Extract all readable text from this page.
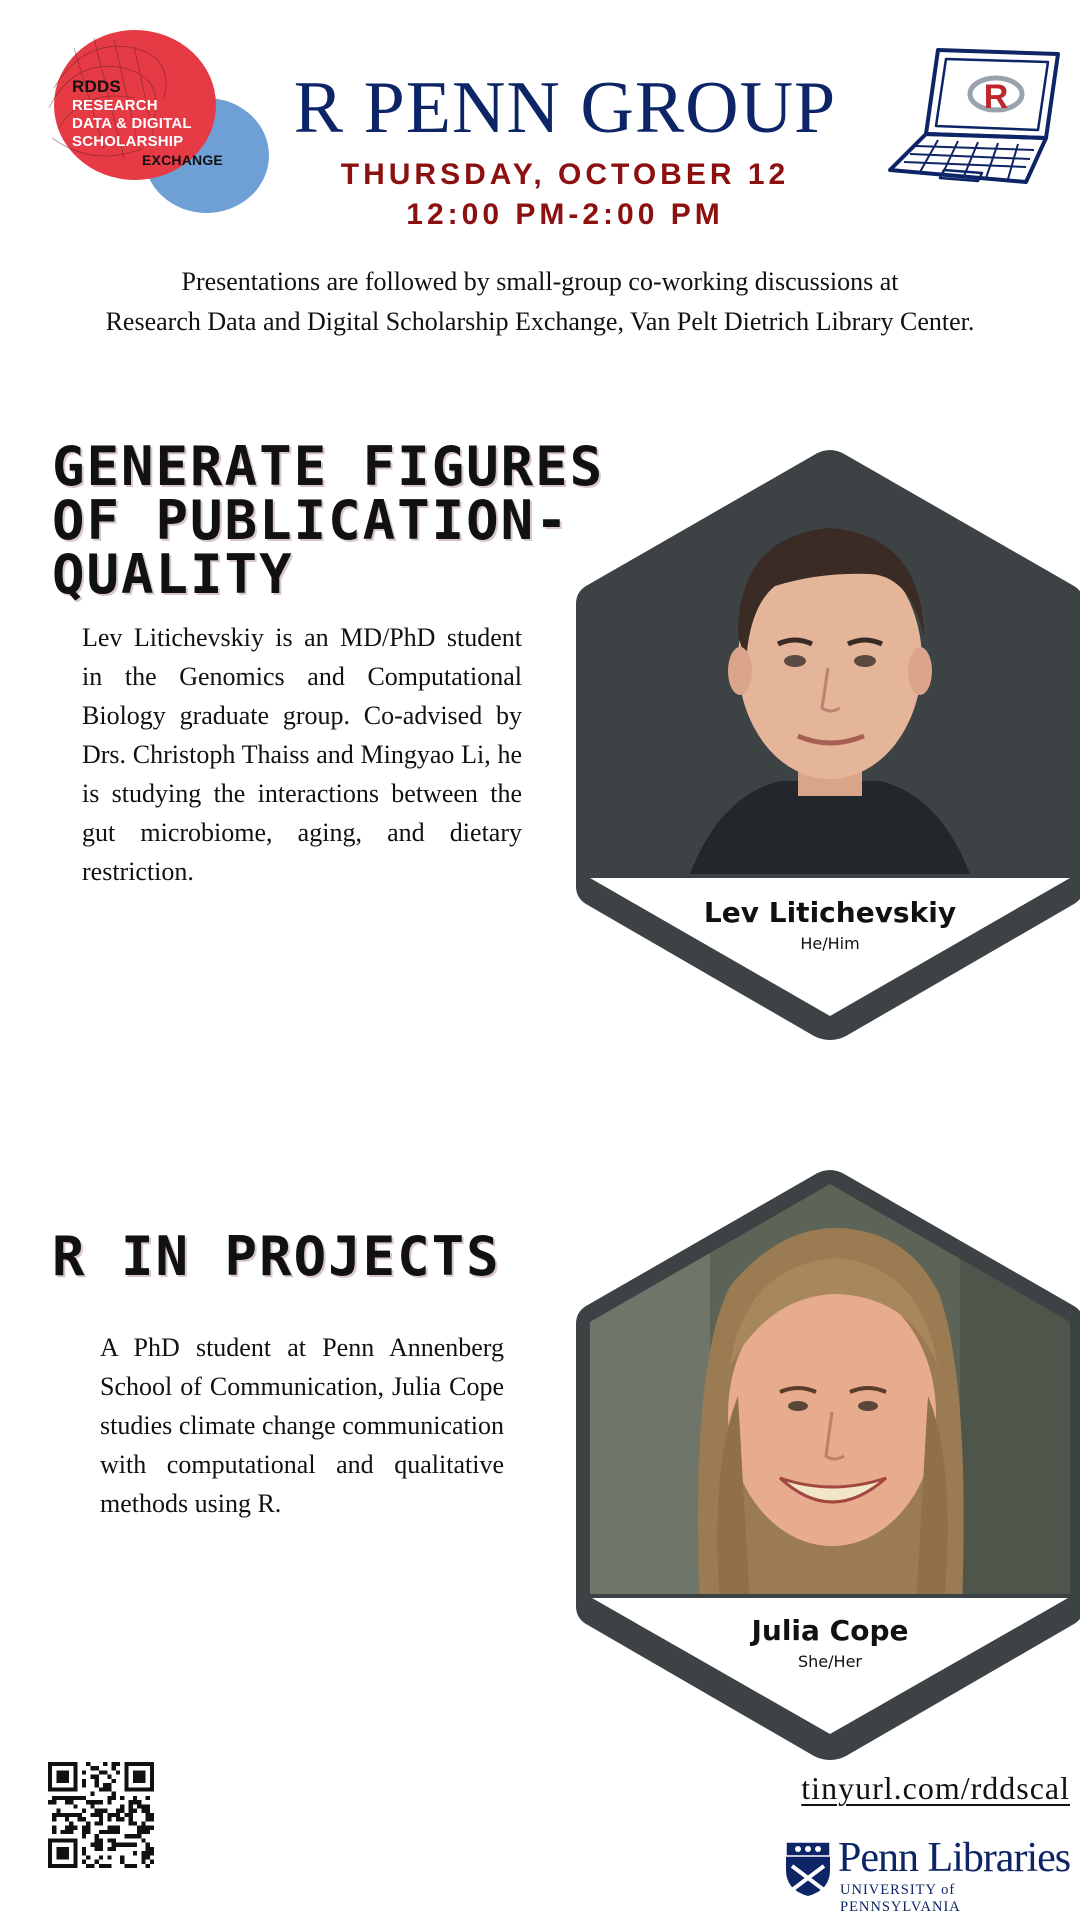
RDDS
RESEARCH
DATA & DIGITAL
SCHOLARSHIP
EXCHANGE
R PENN GROUP

THURSDAY, OCTOBER 12

12:00 PM-2:00 PM

R

Presentations are followed by small-group co-working discussions at
Research Data and Digital Scholarship Exchange, Van Pelt Dietrich Library Center.

GENERATE FIGURES
OF PUBLICATION-
QUALITY

Lev Litichevskiy is an MD/PhD student in the Genomics and Computational Biology graduate group. Co-advised by Drs. Christoph Thaiss and Mingyao Li, he is studying the interactions between the gut microbiome, aging, and dietary restriction.

Lev Litichevskiy

He/Him

R IN PROJECTS

A PhD student at Penn Annenberg School of Communication, Julia Cope studies climate change communication with computational and qualitative methods using R.

Julia Cope

She/Her

tinyurl.com/rddscal

Penn Libraries

UNIVERSITY of PENNSYLVANIA
